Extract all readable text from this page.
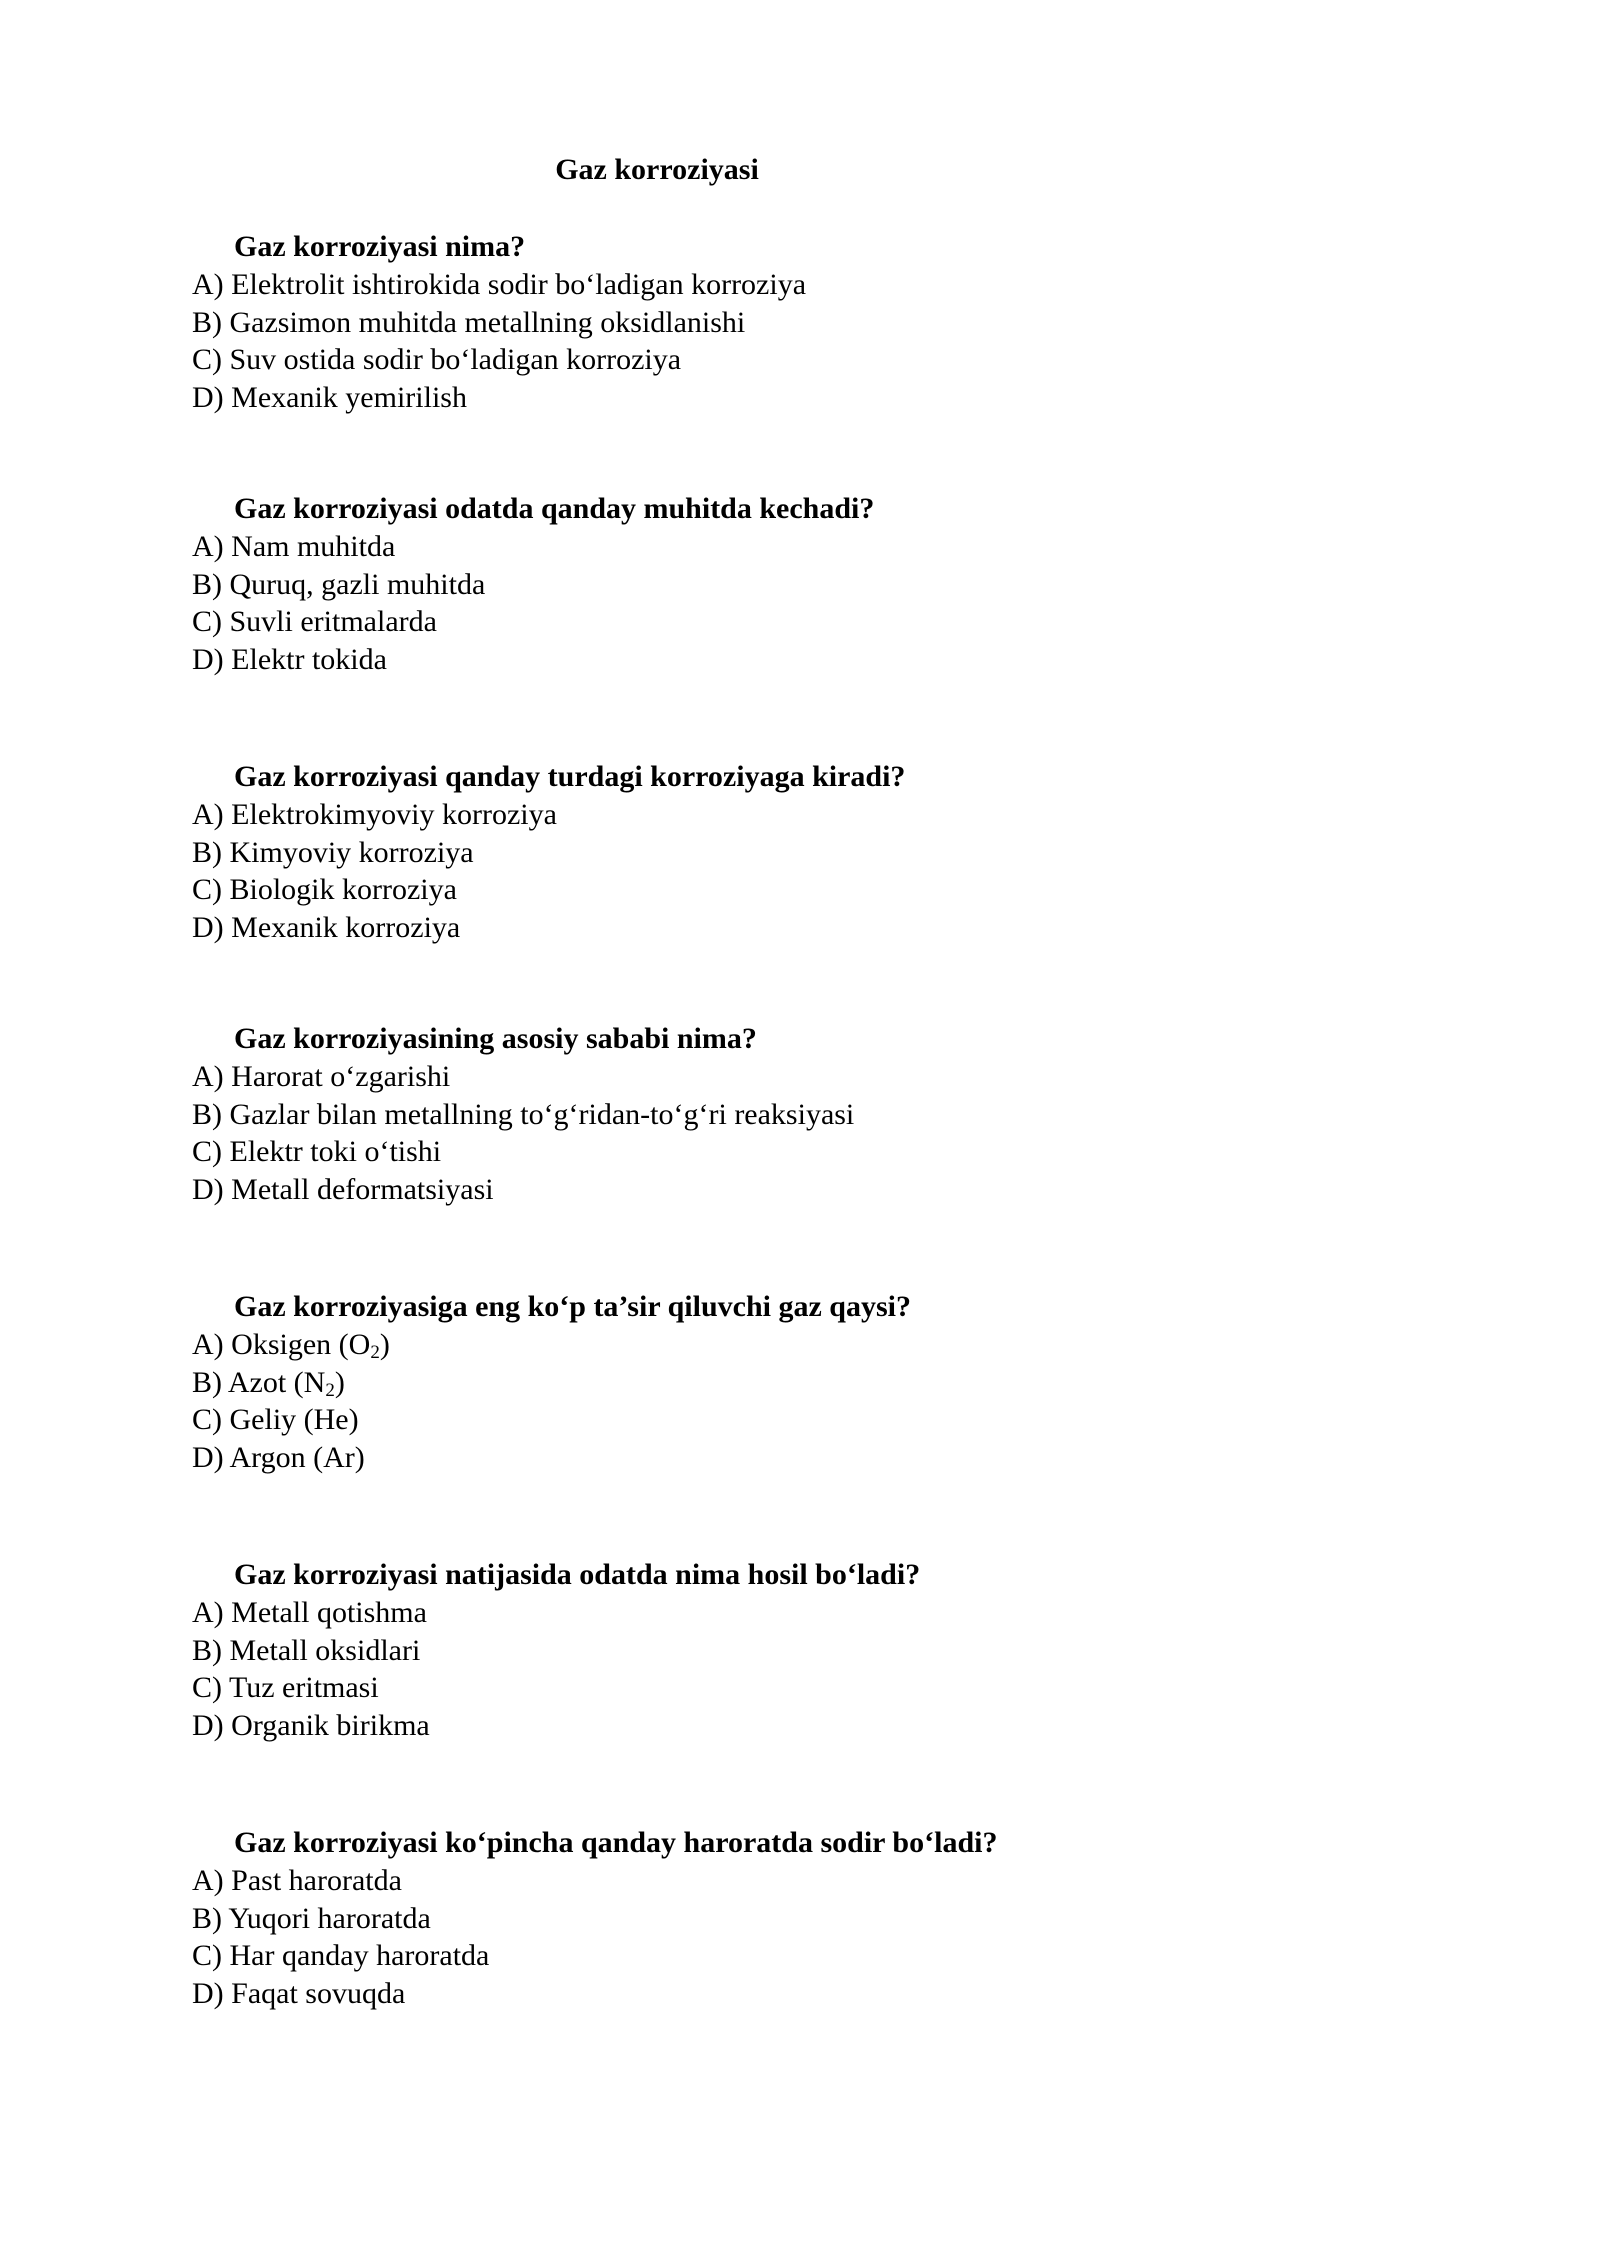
Gaz korroziyasi

Gaz korroziyasi nima?

A) Elektrolit ishtirokida sodir bo‘ladigan korroziya
B) Gazsimon muhitda metallning oksidlanishi
C) Suv ostida sodir bo‘ladigan korroziya
D) Mexanik yemirilish

Gaz korroziyasi odatda qanday muhitda kechadi?

A) Nam muhitda
B) Quruq, gazli muhitda
C) Suvli eritmalarda
D) Elektr tokida

Gaz korroziyasi qanday turdagi korroziyaga kiradi?

A) Elektrokimyoviy korroziya
B) Kimyoviy korroziya
C) Biologik korroziya
D) Mexanik korroziya

Gaz korroziyasining asosiy sababi nima?

A) Harorat o‘zgarishi
B) Gazlar bilan metallning to‘g‘ridan-to‘g‘ri reaksiyasi
C) Elektr toki o‘tishi
D) Metall deformatsiyasi

Gaz korroziyasiga eng ko‘p ta’sir qiluvchi gaz qaysi?

A) Oksigen $(O_2)$
B) Azot $(N_2)$
C) Geliy (He)
D) Argon (Ar)

Gaz korroziyasi natijasida odatda nima hosil bo‘ladi?

A) Metall qotishma
B) Metall oksidlari
C) Tuz eritmasi
D) Organik birikma

Gaz korroziyasi ko‘pincha qanday haroratda sodir bo‘ladi?

A) Past haroratda
B) Yuqori haroratda
C) Har qanday haroratda
D) Faqat sovuqda
